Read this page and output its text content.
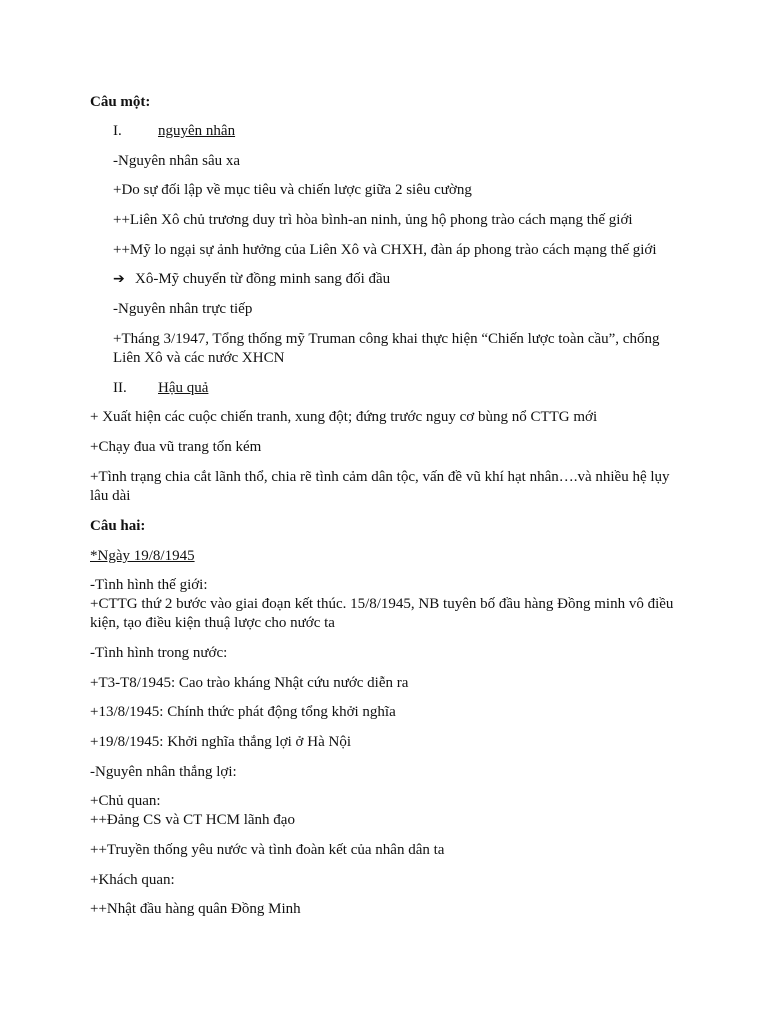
Câu một:
I. nguyên nhân
-Nguyên nhân sâu xa
+Do sự đối lập về mục tiêu và chiến lược giữa 2 siêu cường
++Liên Xô chủ trương duy trì hòa bình-an ninh, ủng hộ phong trào cách mạng thế giới
++Mỹ lo ngại sự ảnh hưởng của Liên Xô và CHXH, đàn áp phong trào cách mạng thế giới
➔ Xô-Mỹ chuyển từ đồng minh sang đối đầu
-Nguyên nhân trực tiếp
+Tháng 3/1947, Tổng thống mỹ Truman công khai thực hiện “Chiến lược toàn cầu”, chống
Liên Xô và các nước XHCN
II. Hậu quả
+ Xuất hiện các cuộc chiến tranh, xung đột; đứng trước nguy cơ bùng nổ CTTG mới
+Chạy đua vũ trang tốn kém
+Tình trạng chia cắt lãnh thổ, chia rẽ tình cảm dân tộc, vấn đề vũ khí hạt nhân….và nhiều hệ lụy
lâu dài
Câu hai:
*Ngày 19/8/1945
-Tình hình thế giới:
+CTTG thứ 2 bước vào giai đoạn kết thúc. 15/8/1945, NB tuyên bố đầu hàng Đồng minh vô điều
kiện, tạo điều kiện thuậ lược cho nước ta
-Tình hình trong nước:
+T3-T8/1945: Cao trào kháng Nhật cứu nước diễn ra
+13/8/1945: Chính thức phát động tổng khởi nghĩa
+19/8/1945: Khởi nghĩa thắng lợi ở Hà Nội
-Nguyên nhân thắng lợi:
+Chủ quan:
++Đảng CS và CT HCM lãnh đạo
++Truyền thống yêu nước và tình đoàn kết của nhân dân ta
+Khách quan:
++Nhật đầu hàng quân Đồng Minh
